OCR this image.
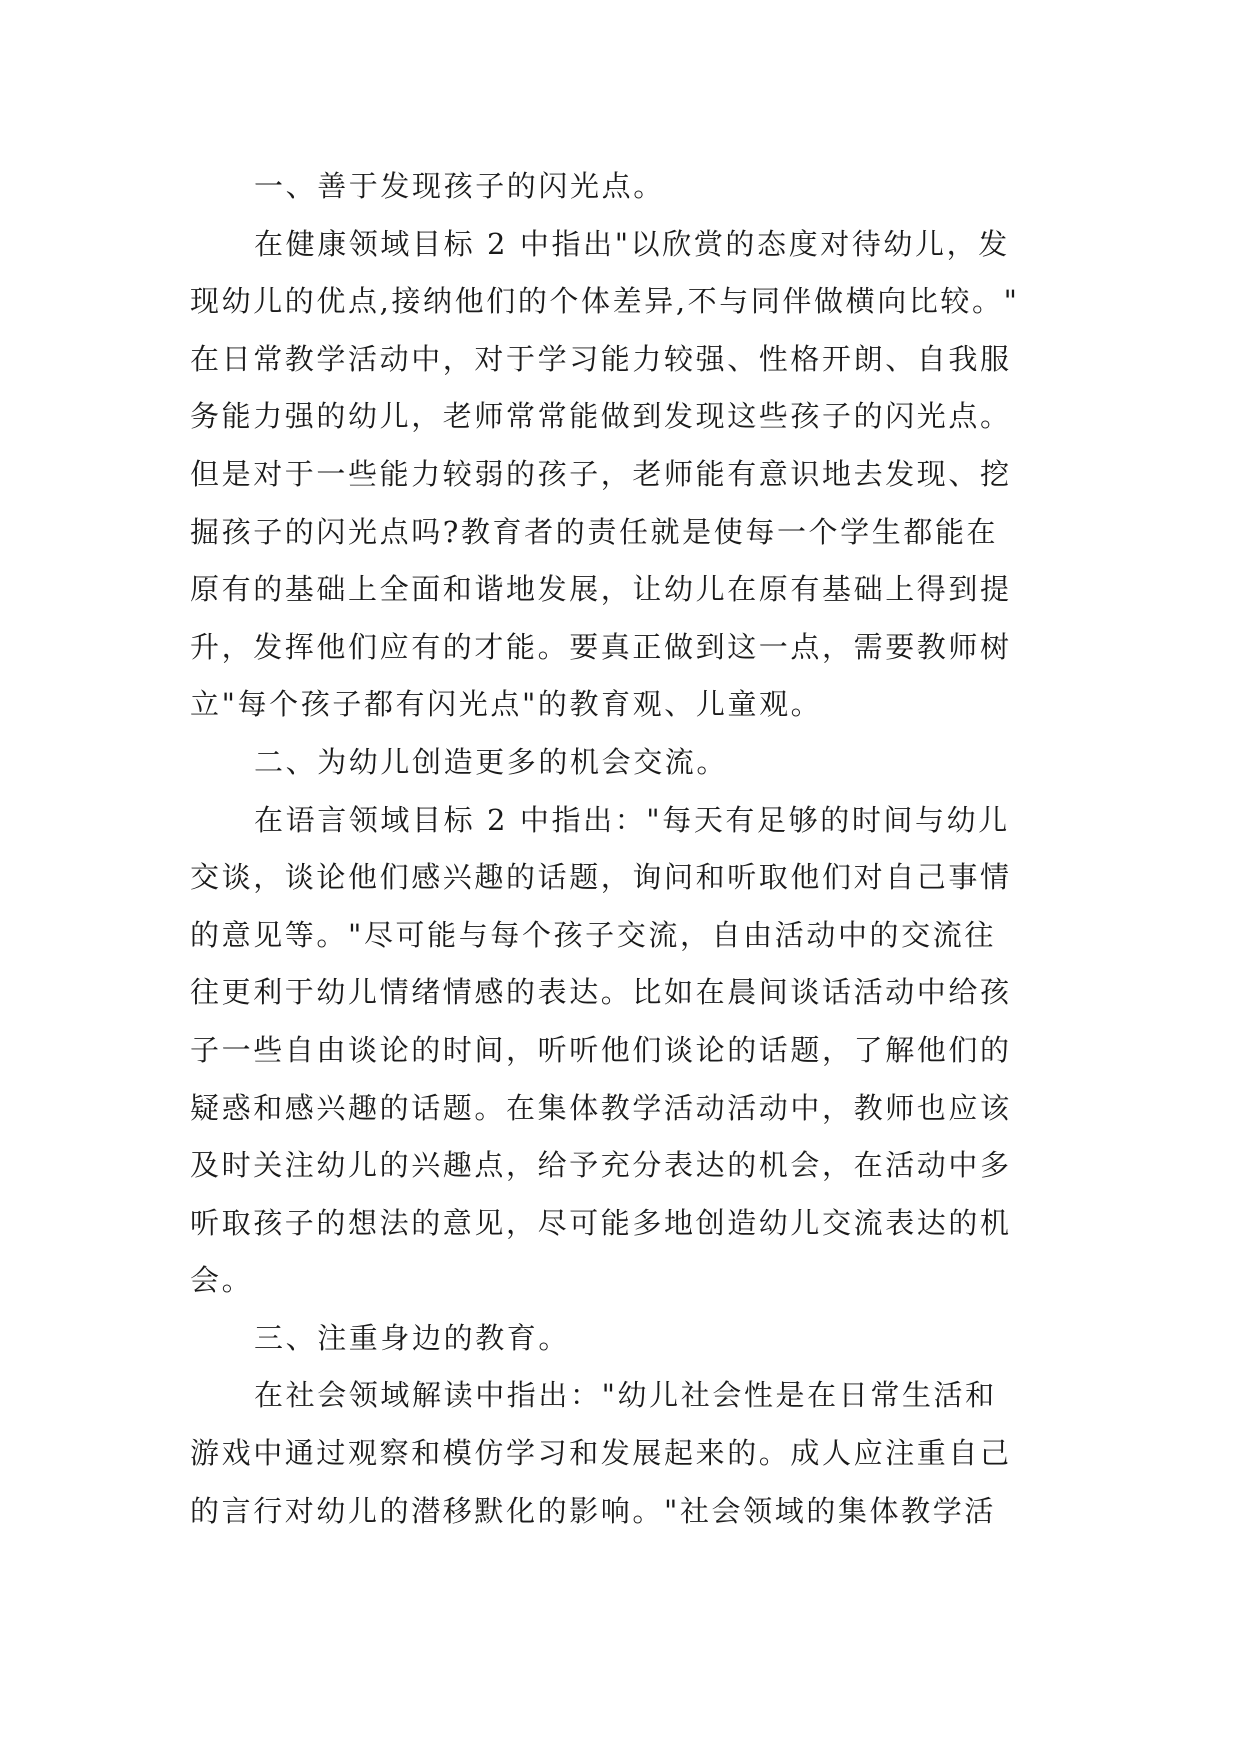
一、善于发现孩子的闪光点。
在健康领域目标 2 中指出"以欣赏的态度对待幼儿，发
现幼儿的优点,接纳他们的个体差异,不与同伴做横向比较。"
在日常教学活动中，对于学习能力较强、性格开朗、自我服
务能力强的幼儿，老师常常能做到发现这些孩子的闪光点。
但是对于一些能力较弱的孩子，老师能有意识地去发现、挖
掘孩子的闪光点吗?教育者的责任就是使每一个学生都能在
原有的基础上全面和谐地发展，让幼儿在原有基础上得到提
升，发挥他们应有的才能。要真正做到这一点，需要教师树
立"每个孩子都有闪光点"的教育观、儿童观。
二、为幼儿创造更多的机会交流。
在语言领域目标 2 中指出："每天有足够的时间与幼儿
交谈，谈论他们感兴趣的话题，询问和听取他们对自己事情
的意见等。"尽可能与每个孩子交流，自由活动中的交流往
往更利于幼儿情绪情感的表达。比如在晨间谈话活动中给孩
子一些自由谈论的时间，听听他们谈论的话题，了解他们的
疑惑和感兴趣的话题。在集体教学活动活动中，教师也应该
及时关注幼儿的兴趣点，给予充分表达的机会，在活动中多
听取孩子的想法的意见，尽可能多地创造幼儿交流表达的机
会。
三、注重身边的教育。
在社会领域解读中指出："幼儿社会性是在日常生活和
游戏中通过观察和模仿学习和发展起来的。成人应注重自己
的言行对幼儿的潜移默化的影响。"社会领域的集体教学活
